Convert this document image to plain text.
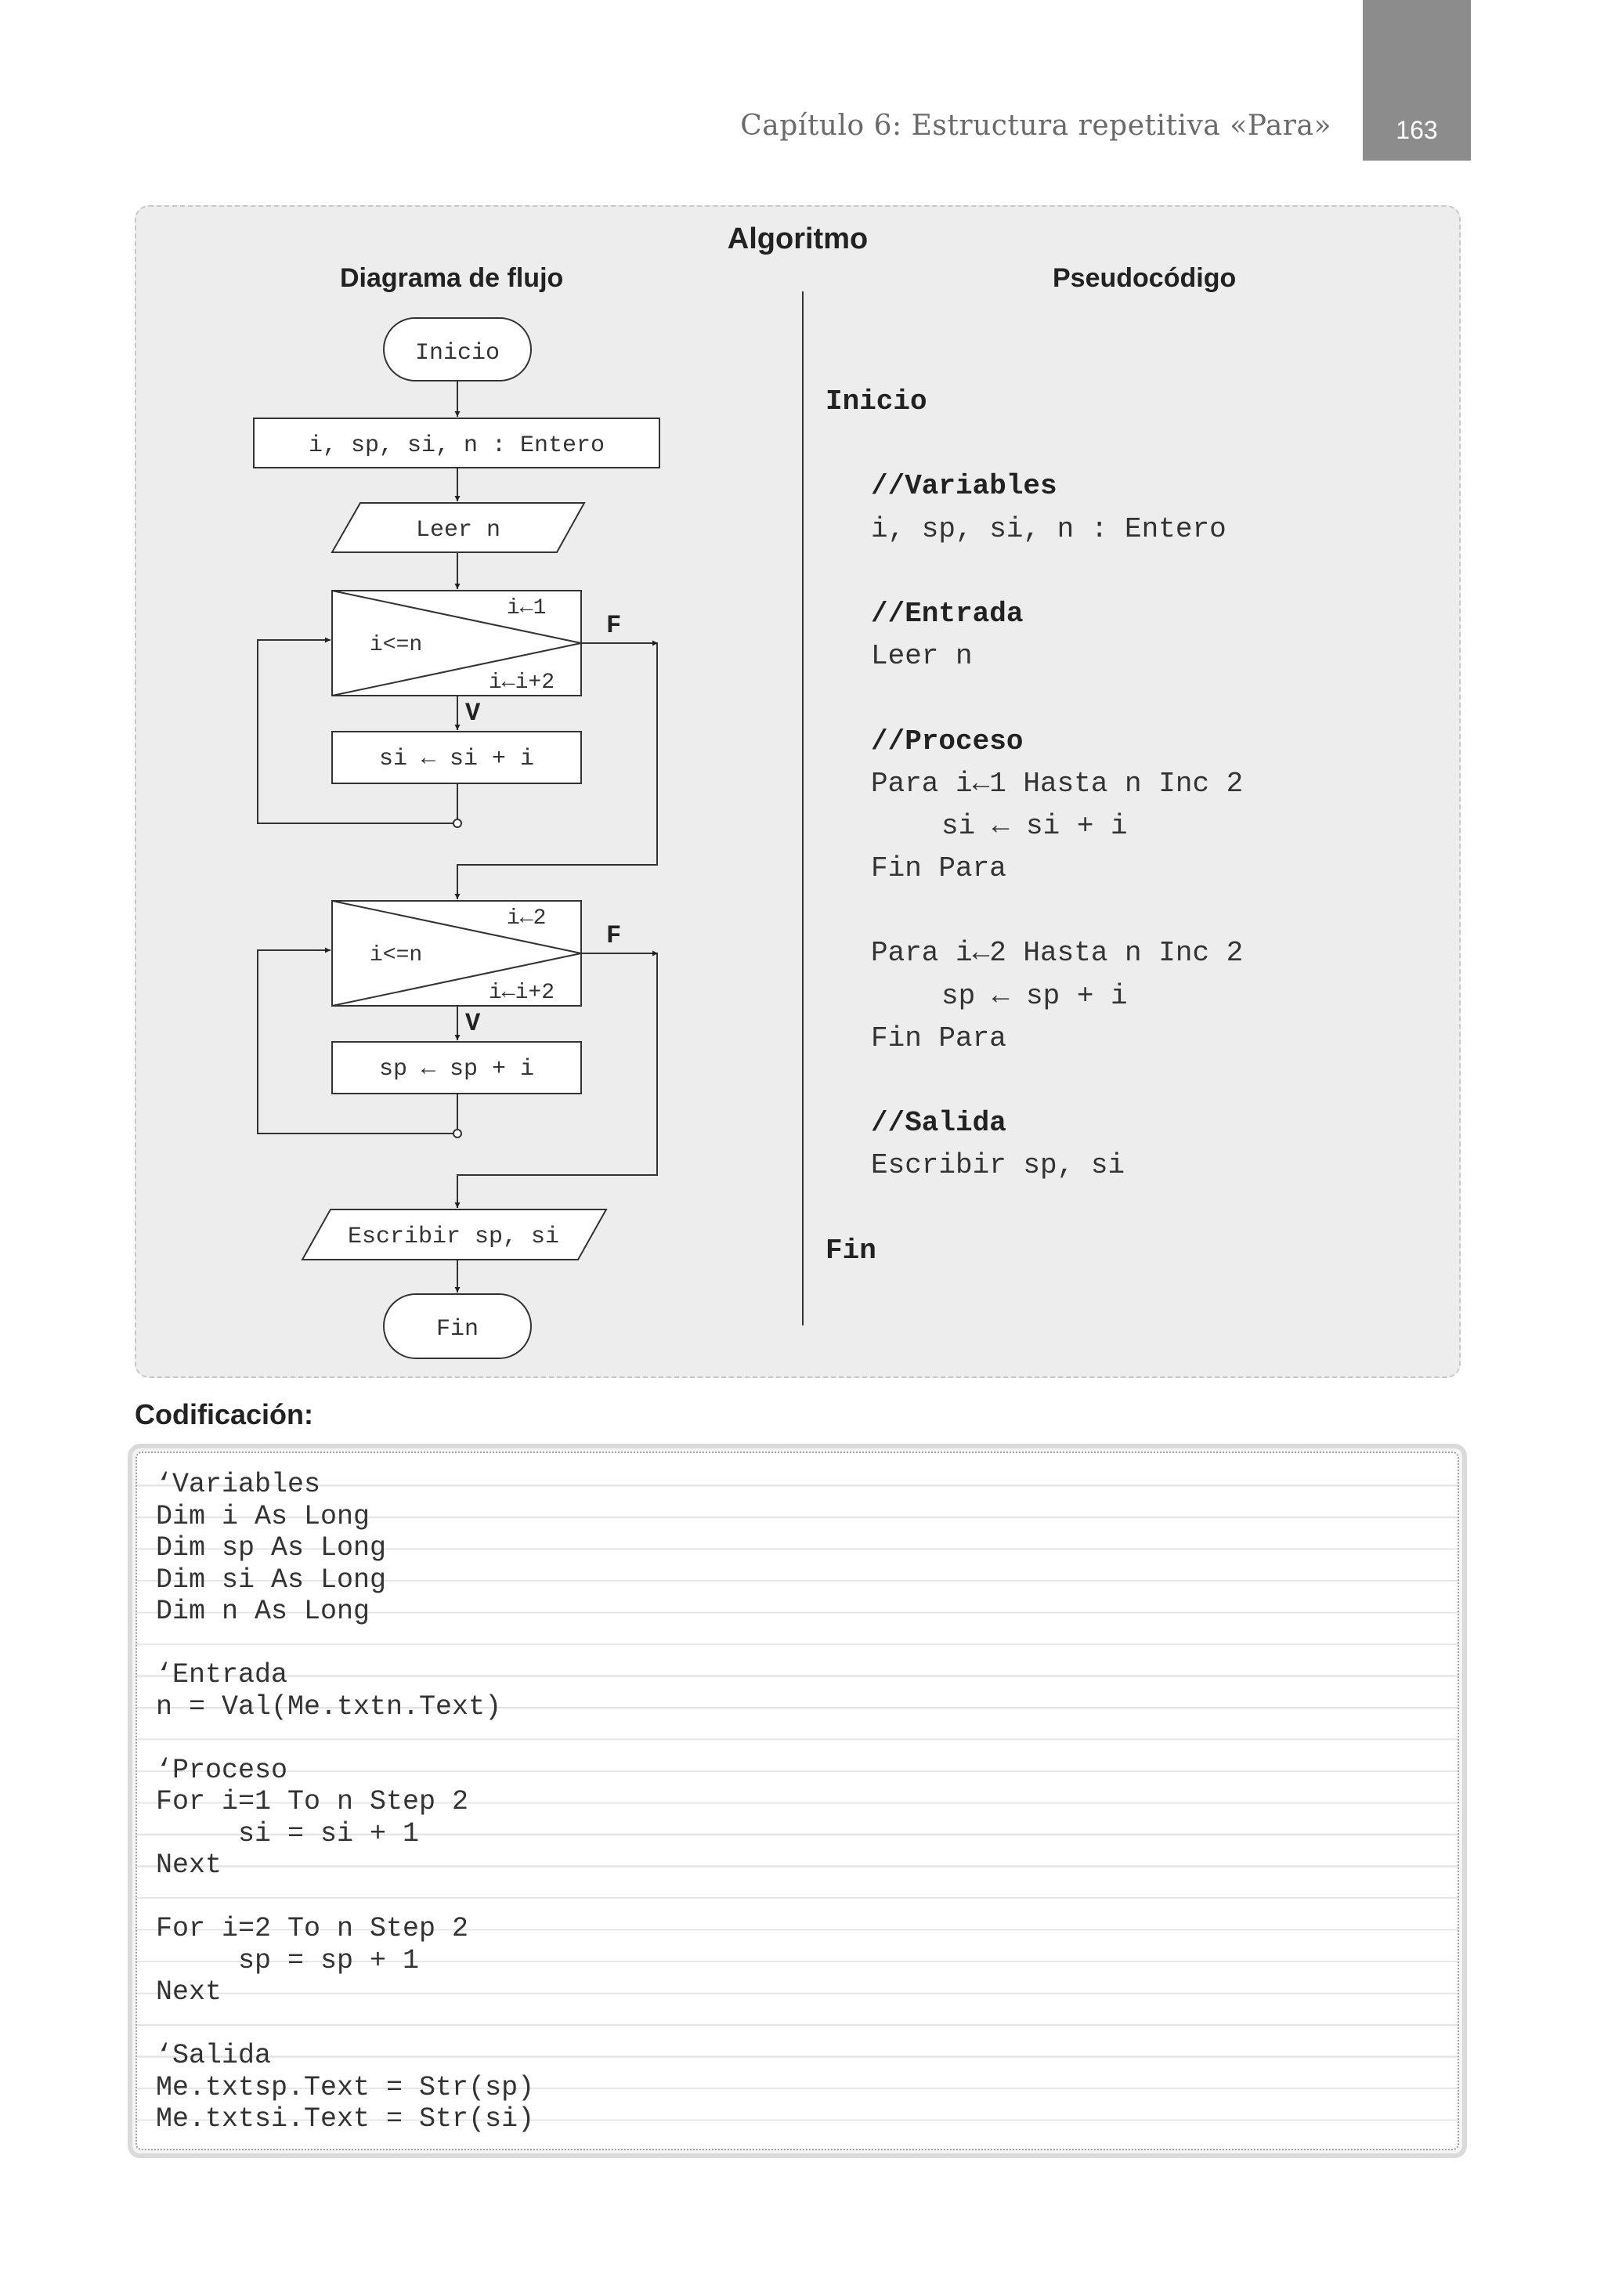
Capítulo 6: Estructura repetitiva «Para»	163
Algoritmo
Diagrama de flujo	Pseudocódigo
Inicio
i, sp, si, n : Entero
Leer n
i<=n
i←1
i←i+2
F
V
si ← si + i
i<=n
i←2
i←i+2
F
V
sp ← sp + i
Escribir sp, si
Fin
Inicio
//Variables
i, sp, si, n : Entero
//Entrada
Leer n
//Proceso
Para i←1 Hasta n Inc 2
si ← si + i
Fin Para
Para i←2 Hasta n Inc 2
sp ← sp + i
Fin Para
//Salida
Escribir sp, si
Fin
Codificación:
‘Variables
Dim i As Long
Dim sp As Long
Dim si As Long
Dim n As Long
‘Entrada
n = Val(Me.txtn.Text)
‘Proceso
For i=1 To n Step 2
si = si + 1
Next
For i=2 To n Step 2
sp = sp + 1
Next
‘Salida
Me.txtsp.Text = Str(sp)
Me.txtsi.Text = Str(si)
